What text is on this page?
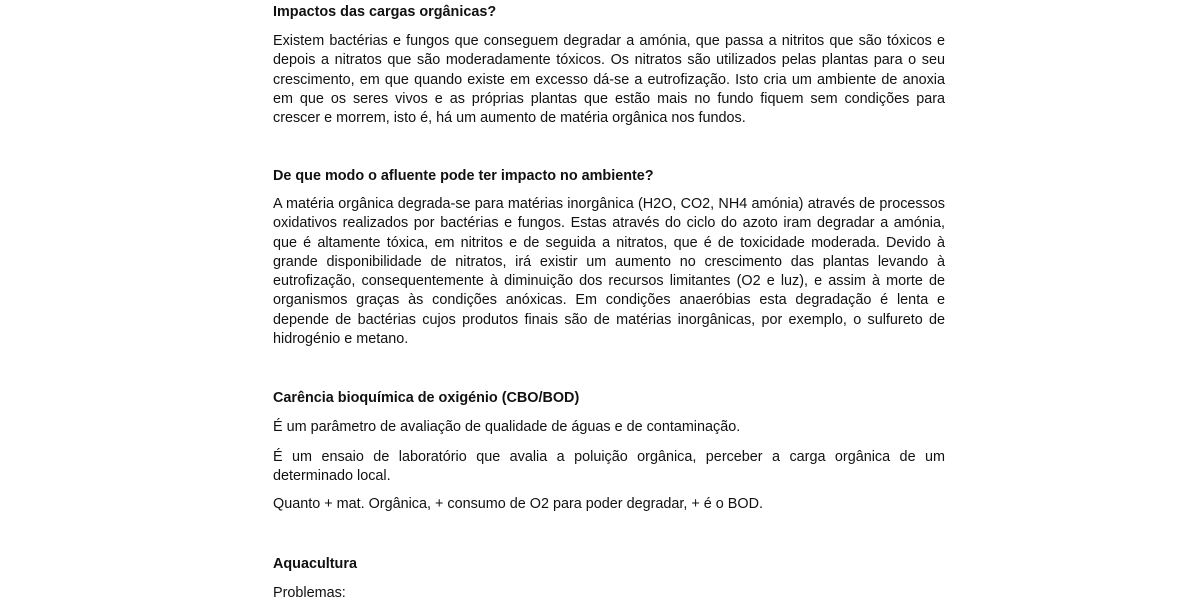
Impactos das cargas orgânicas?

Existem bactérias e fungos que conseguem degradar a amónia, que passa a nitritos que são tóxicos e depois a nitratos que são moderadamente tóxicos. Os nitratos são utilizados pelas plantas para o seu crescimento, em que quando existe em excesso dá-se a eutrofização. Isto cria um ambiente de anoxia em que os seres vivos e as próprias plantas que estão mais no fundo fiquem sem condições para crescer e morrem, isto é, há um aumento de matéria orgânica nos fundos.

De que modo o afluente pode ter impacto no ambiente?

A matéria orgânica degrada-se para matérias inorgânica (H2O, CO2, NH4 amónia) através de processos oxidativos realizados por bactérias e fungos. Estas através do ciclo do azoto iram degradar a amónia, que é altamente tóxica, em nitritos e de seguida a nitratos, que é de toxicidade moderada. Devido à grande disponibilidade de nitratos, irá existir um aumento no crescimento das plantas levando à eutrofização, consequentemente à diminuição dos recursos limitantes (O2 e luz), e assim à morte de organismos graças às condições anóxicas. Em condições anaeróbias esta degradação é lenta e depende de bactérias cujos produtos finais são de matérias inorgânicas, por exemplo, o sulfureto de hidrogénio e metano.

Carência bioquímica de oxigénio (CBO/BOD)

É um parâmetro de avaliação de qualidade de águas e de contaminação.

É um ensaio de laboratório que avalia a poluição orgânica, perceber a carga orgânica de um determinado local.

Quanto + mat. Orgânica, + consumo de O2 para poder degradar, + é o BOD.

Aquacultura

Problemas:
